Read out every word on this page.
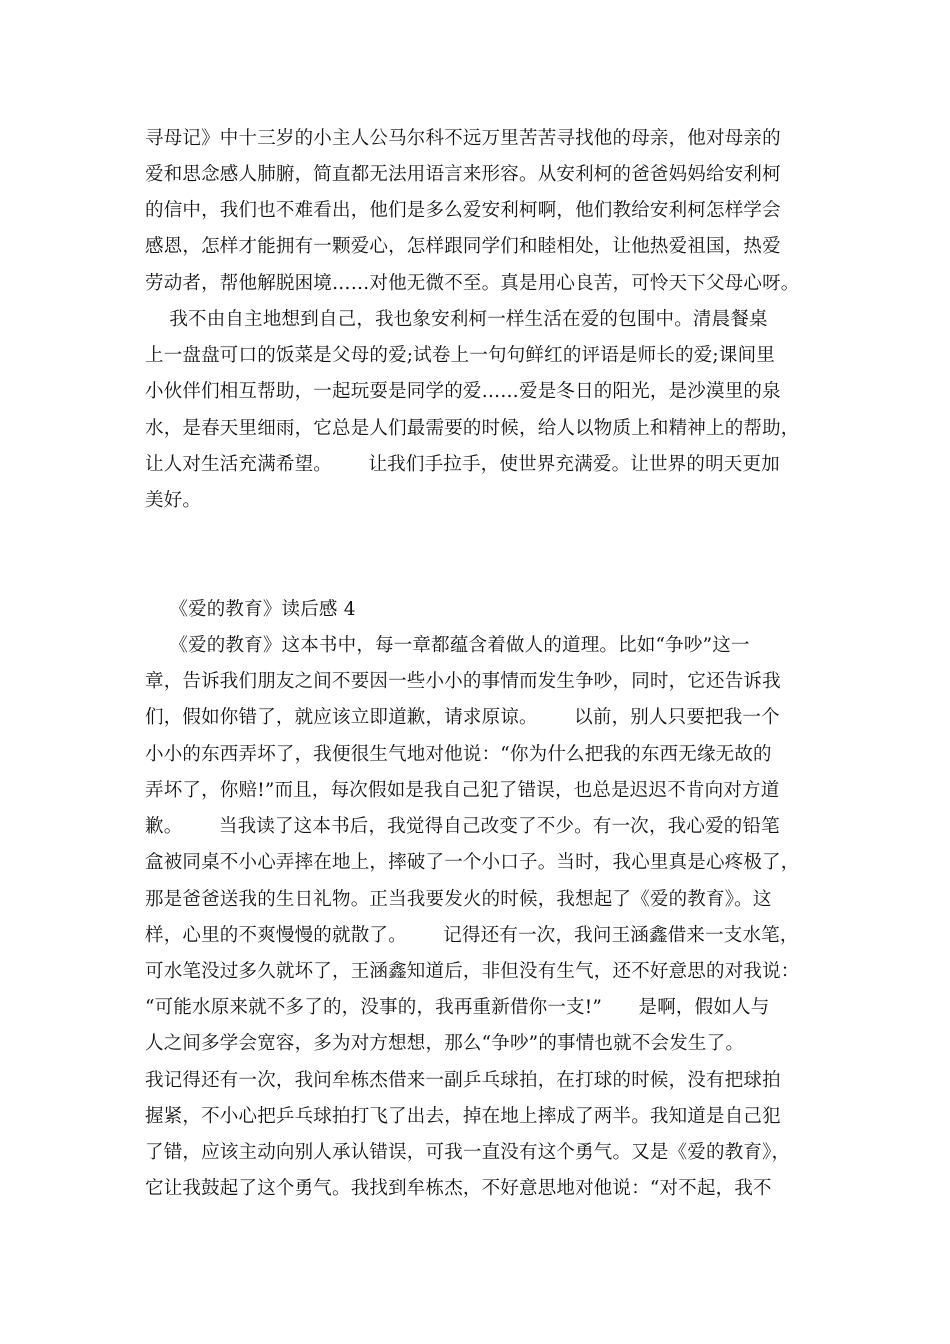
寻母记》中十三岁的小主人公马尔科不远万里苦苦寻找他的母亲，他对母亲的
爱和思念感人肺腑，简直都无法用语言来形容。从安利柯的爸爸妈妈给安利柯
的信中，我们也不难看出，他们是多么爱安利柯啊，他们教给安利柯怎样学会
感恩，怎样才能拥有一颗爱心，怎样跟同学们和睦相处，让他热爱祖国，热爱
劳动者，帮他解脱困境……对他无微不至。真是用心良苦，可怜天下父母心呀。
我不由自主地想到自己，我也象安利柯一样生活在爱的包围中。清晨餐桌
上一盘盘可口的饭菜是父母的爱;试卷上一句句鲜红的评语是师长的爱;课间里
小伙伴们相互帮助，一起玩耍是同学的爱……爱是冬日的阳光，是沙漠里的泉
水，是春天里细雨，它总是人们最需要的时候，给人以物质上和精神上的帮助，
让人对生活充满希望。      让我们手拉手，使世界充满爱。让世界的明天更加
美好。
《爱的教育》读后感 4
《爱的教育》这本书中，每一章都蕴含着做人的道理。比如“争吵”这一
章，告诉我们朋友之间不要因一些小小的事情而发生争吵，同时，它还告诉我
们，假如你错了，就应该立即道歉，请求原谅。      以前，别人只要把我一个
小小的东西弄坏了，我便很生气地对他说：“你为什么把我的东西无缘无故的
弄坏了，你赔!”而且，每次假如是我自己犯了错误，也总是迟迟不肯向对方道
歉。      当我读了这本书后，我觉得自己改变了不少。有一次，我心爱的铅笔
盒被同桌不小心弄摔在地上，摔破了一个小口子。当时，我心里真是心疼极了，
那是爸爸送我的生日礼物。正当我要发火的时候，我想起了《爱的教育》。这
样，心里的不爽慢慢的就散了。      记得还有一次，我问王涵鑫借来一支水笔，
可水笔没过多久就坏了，王涵鑫知道后，非但没有生气，还不好意思的对我说：
“可能水原来就不多了的，没事的，我再重新借你一支!”      是啊，假如人与
人之间多学会宽容，多为对方想想，那么“争吵”的事情也就不会发生了。
我记得还有一次，我问牟栋杰借来一副乒乓球拍，在打球的时候，没有把球拍
握紧，不小心把乒乓球拍打飞了出去，掉在地上摔成了两半。我知道是自己犯
了错，应该主动向别人承认错误，可我一直没有这个勇气。又是《爱的教育》，
它让我鼓起了这个勇气。我找到牟栋杰，不好意思地对他说：“对不起，我不
